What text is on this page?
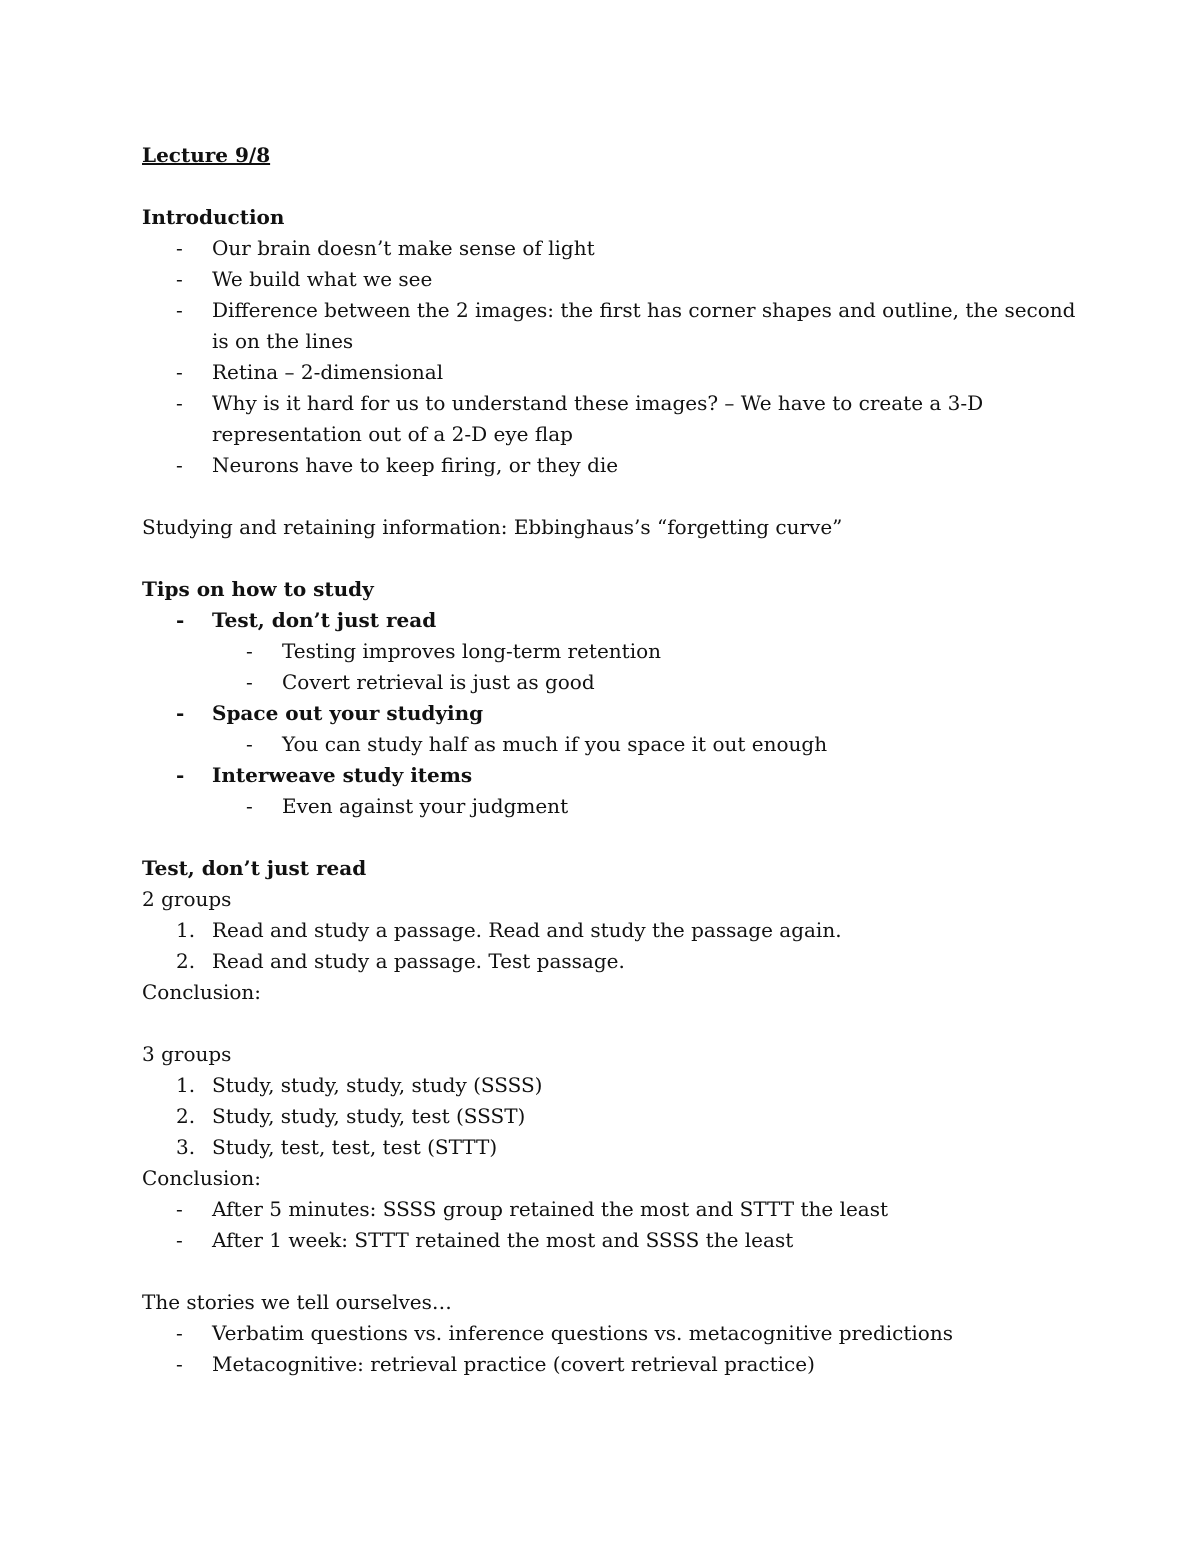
Lecture 9/8

Introduction

- Our brain doesn’t make sense of light
- We build what we see
- Difference between the 2 images: the first has corner shapes and outline, the second is on the lines
- Retina – 2-dimensional
- Why is it hard for us to understand these images? – We have to create a 3-D representation out of a 2-D eye flap
- Neurons have to keep firing, or they die

Studying and retaining information: Ebbinghaus’s “forgetting curve”

Tips on how to study

- Test, don’t just read
- Testing improves long-term retention
- Covert retrieval is just as good
- Space out your studying
- You can study half as much if you space it out enough
- Interweave study items
- Even against your judgment

Test, don’t just read

2 groups

1. Read and study a passage. Read and study the passage again.
2. Read and study a passage. Test passage.

Conclusion:

3 groups

1. Study, study, study, study (SSSS)
2. Study, study, study, test (SSST)
3. Study, test, test, test (STTT)

Conclusion:

- After 5 minutes: SSSS group retained the most and STTT the least
- After 1 week: STTT retained the most and SSSS the least

The stories we tell ourselves…

- Verbatim questions vs. inference questions vs. metacognitive predictions
- Metacognitive: retrieval practice (covert retrieval practice)
